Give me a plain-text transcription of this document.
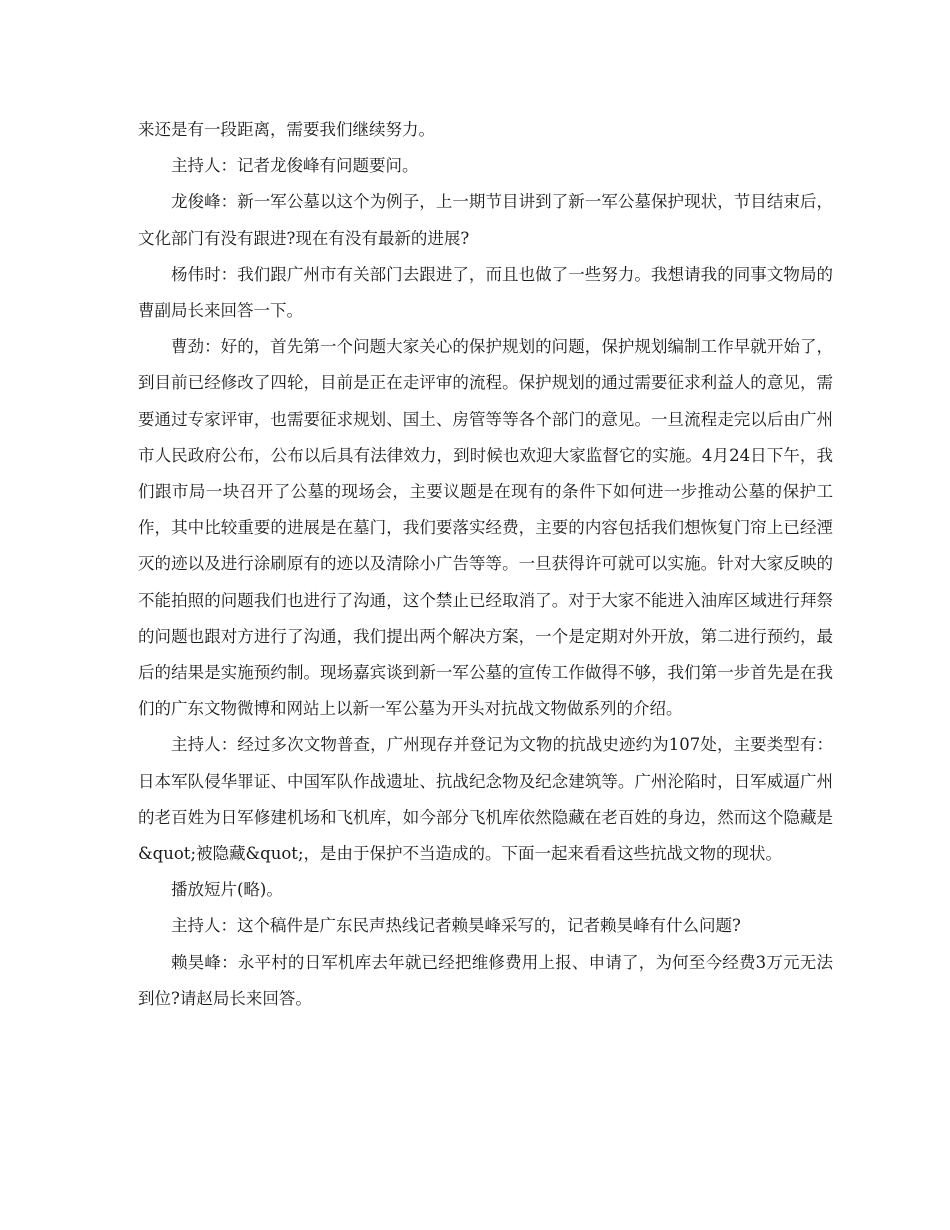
来还是有一段距离，需要我们继续努力。

主持人：记者龙俊峰有问题要问。

龙俊峰：新一军公墓以这个为例子，上一期节目讲到了新一军公墓保护现状，节目结束后，文化部门有没有跟进?现在有没有最新的进展?

杨伟时：我们跟广州市有关部门去跟进了，而且也做了一些努力。我想请我的同事文物局的曹副局长来回答一下。

曹劲：好的，首先第一个问题大家关心的保护规划的问题，保护规划编制工作早就开始了，到目前已经修改了四轮，目前是正在走评审的流程。保护规划的通过需要征求利益人的意见，需要通过专家评审，也需要征求规划、国土、房管等等各个部门的意见。一旦流程走完以后由广州市人民政府公布，公布以后具有法律效力，到时候也欢迎大家监督它的实施。4月24日下午，我们跟市局一块召开了公墓的现场会，主要议题是在现有的条件下如何进一步推动公墓的保护工作，其中比较重要的进展是在墓门，我们要落实经费，主要的内容包括我们想恢复门帘上已经湮灭的迹以及进行涂刷原有的迹以及清除小广告等等。一旦获得许可就可以实施。针对大家反映的不能拍照的问题我们也进行了沟通，这个禁止已经取消了。对于大家不能进入油库区域进行拜祭的问题也跟对方进行了沟通，我们提出两个解决方案，一个是定期对外开放，第二进行预约，最后的结果是实施预约制。现场嘉宾谈到新一军公墓的宣传工作做得不够，我们第一步首先是在我们的广东文物微博和网站上以新一军公墓为开头对抗战文物做系列的介绍。

主持人：经过多次文物普查，广州现存并登记为文物的抗战史迹约为107处，主要类型有：日本军队侵华罪证、中国军队作战遗址、抗战纪念物及纪念建筑等。广州沦陷时，日军威逼广州的老百姓为日军修建机场和飞机库，如今部分飞机库依然隐藏在老百姓的身边，然而这个隐藏是&quot;被隐藏&quot;，是由于保护不当造成的。下面一起来看看这些抗战文物的现状。

播放短片(略)。

主持人：这个稿件是广东民声热线记者赖昊峰采写的，记者赖昊峰有什么问题?

赖昊峰：永平村的日军机库去年就已经把维修费用上报、申请了，为何至今经费3万元无法到位?请赵局长来回答。
